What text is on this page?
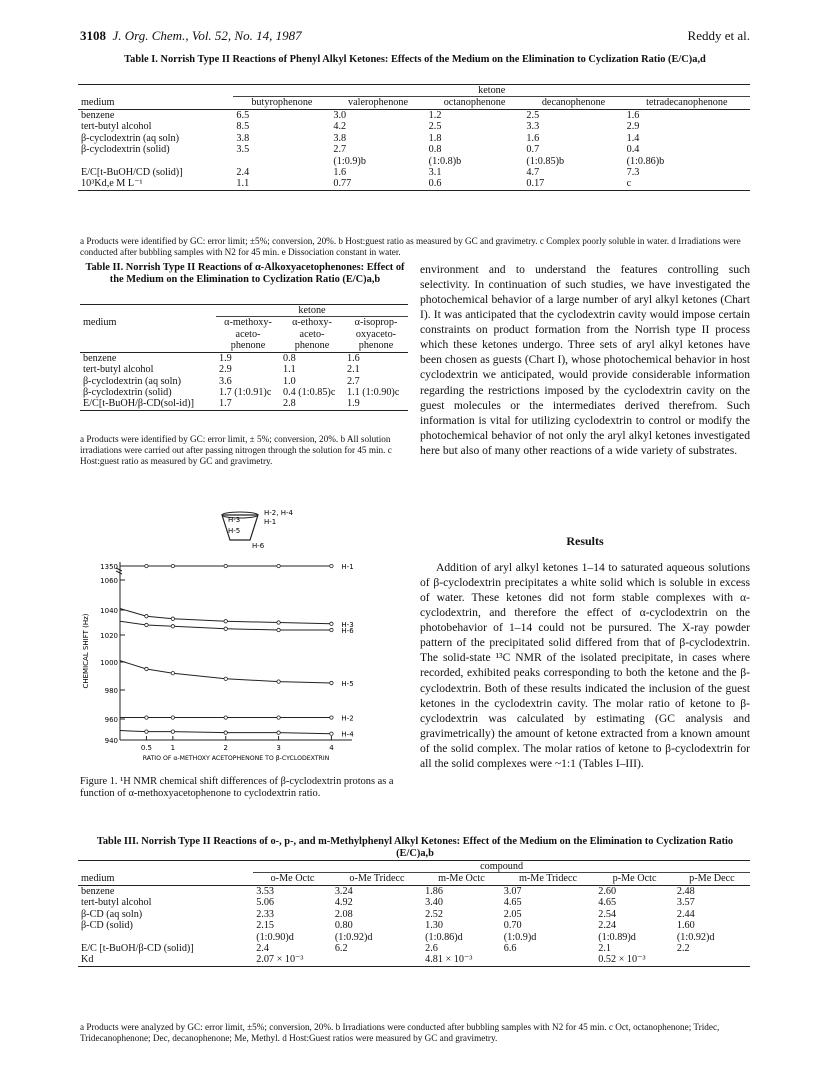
3108 J. Org. Chem., Vol. 52, No. 14, 1987	Reddy et al.
Table I. Norrish Type II Reactions of Phenyl Alkyl Ketones: Effects of the Medium on the Elimination to Cyclization Ratio (E/C)a,d
	ketone				
medium	butyrophenone	valerophenone	octanophenone	decanophenone	tetradecanophenone
benzene	6.5	3.0	1.2	2.5	1.6
tert-butyl alcohol	8.5	4.2	2.5	3.3	2.9
β-cyclodextrin (aq soln)	3.8	3.8	1.8	1.6	1.4
β-cyclodextrin (solid)	3.5	2.7	0.8	0.7	0.4
		(1:0.9)b	(1:0.8)b	(1:0.85)b	(1:0.86)b
E/C[t-BuOH/CD (solid)]	2.4	1.6	3.1	4.7	7.3
10³Kd,e M L⁻¹	1.1	0.77	0.6	0.17	c
a Products were identified by GC: error limit; ±5%; conversion, 20%. b Host:guest ratio as measured by GC and gravimetry. c Complex poorly soluble in water. d Irradiations were conducted after bubbling samples with N2 for 45 min. e Dissociation constant in water.
Table II. Norrish Type II Reactions of α-Alkoxyacetophenones: Effect of the Medium on the Elimination to Cyclization Ratio (E/C)a,b
	ketone		
medium	α-methoxy-aceto-phenone	α-ethoxy-aceto-phenone	α-isoprop-oxyaceto-phenone
benzene	1.9	0.8	1.6
tert-butyl alcohol	2.9	1.1	2.1
β-cyclodextrin (aq soln)	3.6	1.0	2.7
β-cyclodextrin (solid)	1.7 (1:0.91)c	0.4 (1:0.85)c	1.1 (1:0.90)c
E/C[t-BuOH/β-CD(sol-id)]	1.7	2.8	1.9
a Products were identified by GC: error limit, ± 5%; conversion, 20%. b All solution irradiations were carried out after passing nitrogen through the solution for 45 min. c Host:guest ratio as measured by GC and gravimetry.
H-2, H-4
H-1
H-3
H-5
H-6
1350
1060
1040
1020
1000
980
960
940
0.5	1	2	3	4
RATIO OF α-METHOXY ACETOPHENONE TO β-CYCLODEXTRIN
CHEMICAL SHIFT (Hz)
H-1
H-3
H-6
H-5
H-2
H-4
Figure 1. ¹H NMR chemical shift differences of β-cyclodextrin protons as a function of α-methoxyacetophenone to cyclodextrin ratio.
environment and to understand the features controlling such selectivity. In continuation of such studies, we have investigated the photochemical behavior of a large number of aryl alkyl ketones (Chart I). It was anticipated that the cyclodextrin cavity would impose certain constraints on product formation from the Norrish type II process which these ketones undergo. Three sets of aryl alkyl ketones have been chosen as guests (Chart I), whose photochemical behavior in host cyclodextrin we anticipated, would provide considerable information regarding the restrictions imposed by the cyclodextrin cavity on the guest molecules or the intermediates derived therefrom. Such information is vital for utilizing cyclodextrin to control or modify the photochemical behavior of not only the aryl alkyl ketones investigated here but also of many other reactions of a wide variety of substrates.
Results
Addition of aryl alkyl ketones 1–14 to saturated aqueous solutions of β-cyclodextrin precipitates a white solid which is soluble in excess of water. These ketones did not form stable complexes with α-cyclodextrin, and therefore the effect of α-cyclodextrin on the photobehavior of 1–14 could not be pursured. The X-ray powder pattern of the precipitated solid differed from that of β-cyclodextrin. The solid-state ¹³C NMR of the isolated precipitate, in cases where recorded, exhibited peaks corresponding to both the ketone and the β-cyclodextrin. Both of these results indicated the inclusion of the guest ketones in the cyclodextrin cavity. The molar ratio of ketone to β-cyclodextrin was calculated by estimating (GC analysis and gravimetrically) the amount of ketone extracted from a known amount of the solid complex. The molar ratios of ketone to β-cyclodextrin for all the solid complexes were ~1:1 (Tables I–III).
Table III. Norrish Type II Reactions of o-, p-, and m-Methylphenyl Alkyl Ketones: Effect of the Medium on the Elimination to Cyclization Ratio (E/C)a,b
	compound					
medium	o-Me Octc	o-Me Tridecc	m-Me Octc	m-Me Tridecc	p-Me Octc	p-Me Decc
benzene	3.53	3.24	1.86	3.07	2.60	2.48
tert-butyl alcohol	5.06	4.92	3.40	4.65	4.65	3.57
β-CD (aq soln)	2.33	2.08	2.52	2.05	2.54	2.44
β-CD (solid)	2.15	0.80	1.30	0.70	2.24	1.60
	(1:0.90)d	(1:0.92)d	(1:0.86)d	(1:0.9)d	(1:0.89)d	(1:0.92)d
E/C [t-BuOH/β-CD (solid)]	2.4	6.2	2.6	6.6	2.1	2.2
Kd	2.07 × 10⁻³		4.81 × 10⁻³		0.52 × 10⁻³	
a Products were analyzed by GC: error limit, ±5%; conversion, 20%. b Irradiations were conducted after bubbling samples with N2 for 45 min. c Oct, octanophenone; Tridec, Tridecanophenone; Dec, decanophenone; Me, Methyl. d Host:Guest ratios were measured by GC and gravimetry.
